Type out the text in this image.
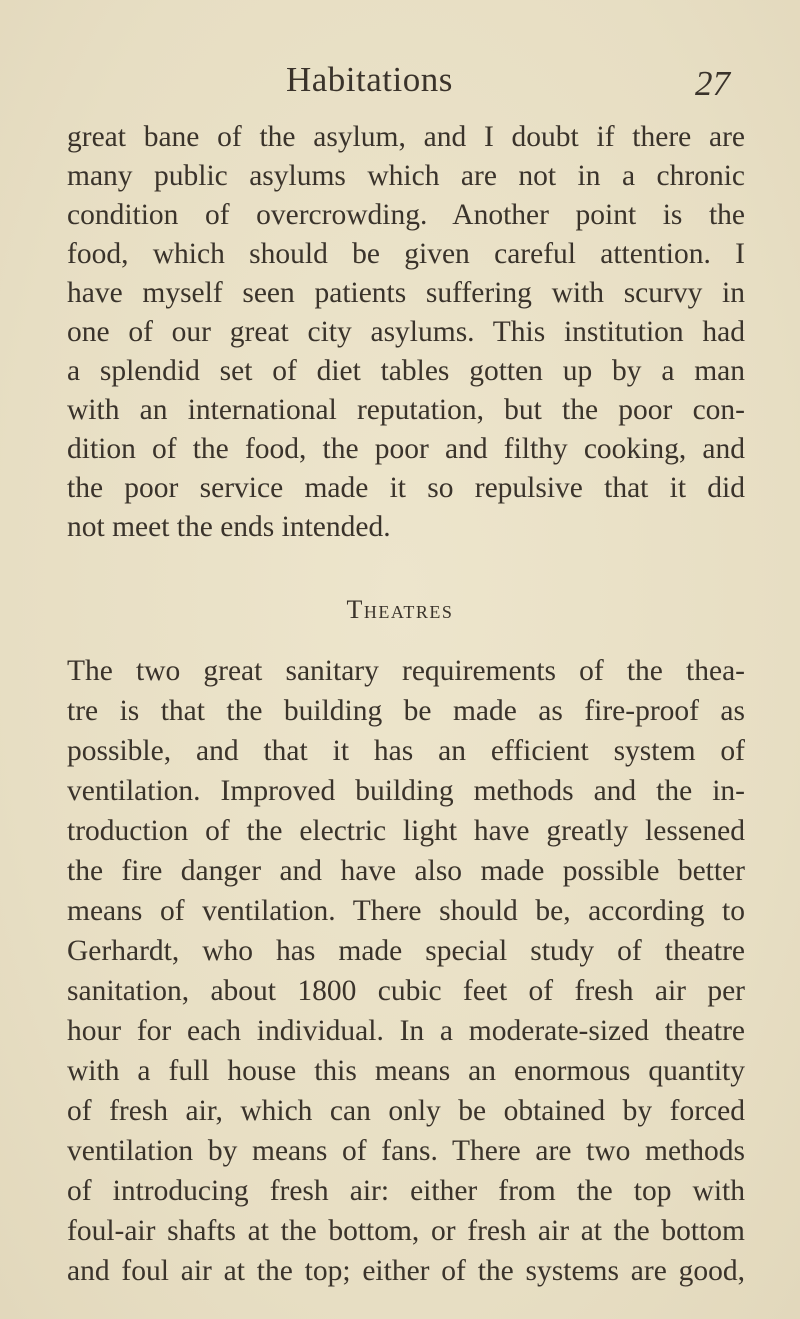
Habitations	27
great bane of the asylum, and I doubt if there are
many public asylums which are not in a chronic
condition of overcrowding. Another point is the
food, which should be given careful attention. I
have myself seen patients suffering with scurvy in
one of our great city asylums. This institution had
a splendid set of diet tables gotten up by a man
with an international reputation, but the poor con-
dition of the food, the poor and filthy cooking, and
the poor service made it so repulsive that it did
not meet the ends intended.
Theatres
The two great sanitary requirements of the thea-
tre is that the building be made as fire-proof as
possible, and that it has an efficient system of
ventilation. Improved building methods and the in-
troduction of the electric light have greatly lessened
the fire danger and have also made possible better
means of ventilation. There should be, according to
Gerhardt, who has made special study of theatre
sanitation, about 1800 cubic feet of fresh air per
hour for each individual. In a moderate-sized theatre
with a full house this means an enormous quantity
of fresh air, which can only be obtained by forced
ventilation by means of fans. There are two methods
of introducing fresh air: either from the top with
foul-air shafts at the bottom, or fresh air at the bottom
and foul air at the top; either of the systems are good,
